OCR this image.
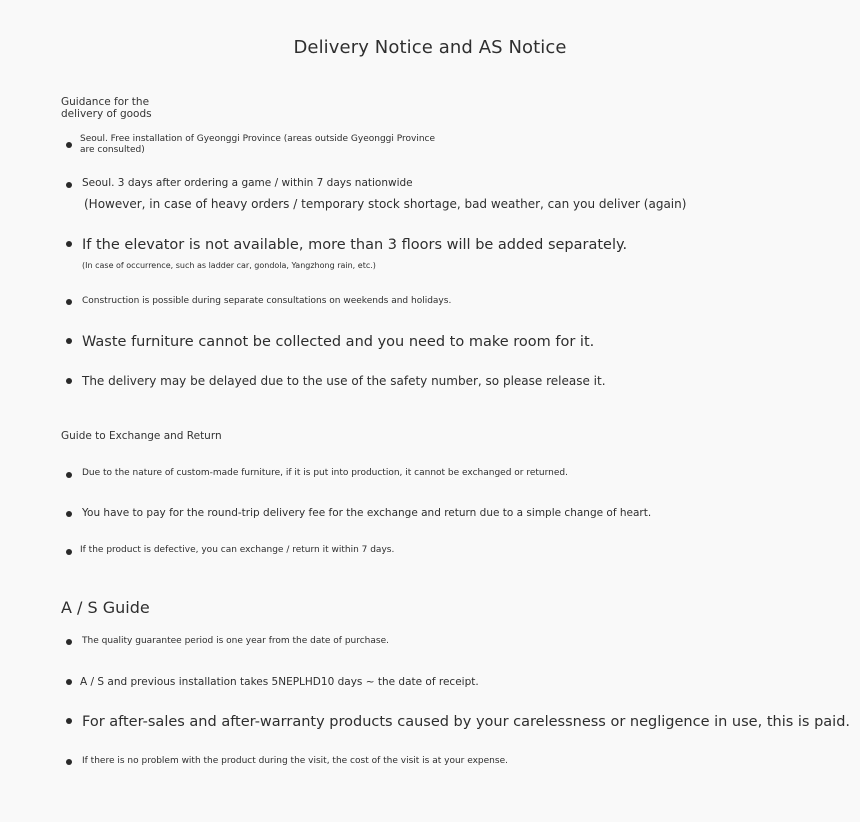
Delivery Notice and AS Notice
Guidance for the
delivery of goods
Seoul. Free installation of Gyeonggi Province (areas outside Gyeonggi Province
are consulted)
Seoul. 3 days after ordering a game / within 7 days nationwide
(However, in case of heavy orders / temporary stock shortage, bad weather, can you deliver (again)
If the elevator is not available, more than 3 floors will be added separately.
(In case of occurrence, such as ladder car, gondola, Yangzhong rain, etc.)
Construction is possible during separate consultations on weekends and holidays.
Waste furniture cannot be collected and you need to make room for it.
The delivery may be delayed due to the use of the safety number, so please release it.
Guide to Exchange and Return
Due to the nature of custom-made furniture, if it is put into production, it cannot be exchanged or returned.
You have to pay for the round-trip delivery fee for the exchange and return due to a simple change of heart.
If the product is defective, you can exchange / return it within 7 days.
A / S Guide
The quality guarantee period is one year from the date of purchase.
A / S and previous installation takes 5NEPLHD10 days ~ the date of receipt.
For after-sales and after-warranty products caused by your carelessness or negligence in use, this is paid.
If there is no problem with the product during the visit, the cost of the visit is at your expense.
